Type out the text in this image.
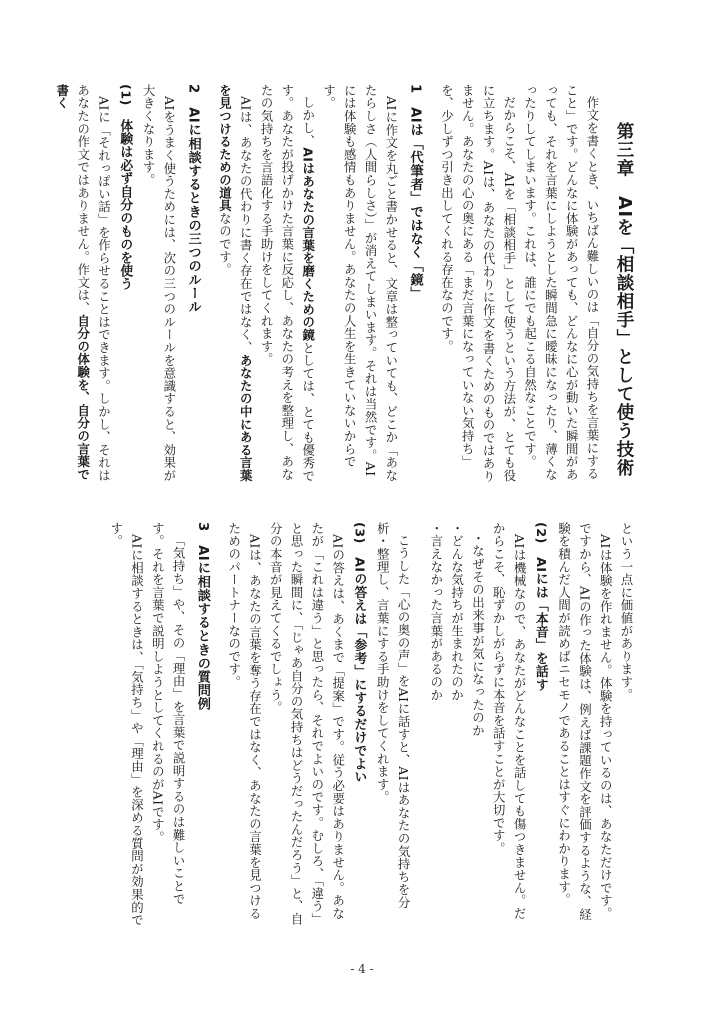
第三章　AIを「相談相手」として使う技術

作文を書くとき、いちばん難しいのは「自分の気持ちを言葉にすること」です。どんなに体験があっても、どんなに心が動いた瞬間があっても、それを言葉にしようとした瞬間急に曖昧になったり、薄くなったりしてしまいます。これは、誰にでも起こる自然なことです。

だからこそ、AIを「相談相手」として使うという方法が、とても役に立ちます。AIは、あなたの代わりに作文を書くためのものではありません。あなたの心の奥にある「まだ言葉になっていない気持ち」を、少しずつ引き出してくれる存在なのです。

1　AIは「代筆者」ではなく「鏡」

AIに作文を丸ごと書かせると、文章は整っていても、どこか「あなたらしさ（人間らしさ）」が消えてしまいます。それは当然です。AIには体験も感情もありません。あなたの人生を生きていないからです。

しかし、AIはあなたの言葉を磨くための鏡としては、とても優秀です。あなたが投げかけた言葉に反応し、あなたの考えを整理し、あなたの気持ちを言語化する手助けをしてくれます。

AIは、あなたの代わりに書く存在ではなく、あなたの中にある言葉を見つけるための道具なのです。

2　AIに相談するときの三つのルール

AIをうまく使うためには、次の三つのルールを意識すると、効果が大きくなります。

(1)　体験は必ず自分のものを使う

AIに「それっぽい話」を作らせることはできます。しかし、それはあなたの作文ではありません。作文は、自分の体験を、自分の言葉で書く

という一点に価値があります。

AIは体験を作れません。体験を持っているのは、あなただけです。ですから、AIの作った体験は、例えば課題作文を評価するような、経験を積んだ人間が読めばニセモノであることはすぐにわかります。

(2)　AIには「本音」を話す

AIは機械なので、あなたがどんなことを話しても傷つきません。だからこそ、恥ずかしがらずに本音を話すことが大切です。

・なぜその出来事が気になったのか

・どんな気持ちが生まれたのか

・言えなかった言葉があるのか

こうした「心の奥の声」をAIに話すと、AIはあなたの気持ちを分析・整理し、言葉にする手助けをしてくれます。

(3)　AIの答えは「参考」にするだけでよい

AIの答えは、あくまで「提案」です。従う必要はありません。あなたが「これは違う」と思ったら、それでよいのです。むしろ、「違う」と思った瞬間に、「じゃあ自分の気持ちはどうだったんだろう」と、自分の本音が見えてくるでしょう。

AIは、あなたの言葉を奪う存在ではなく、あなたの言葉を見つけるためのパートナーなのです。

3　AIに相談するときの質問例

「気持ち」や、その「理由」を言葉で説明するのは難しいことです。それを言葉で説明しようとしてくれるのがAIです。

AIに相談するときは、「気持ち」や「理由」を深める質問が効果的です。

- 4 -
